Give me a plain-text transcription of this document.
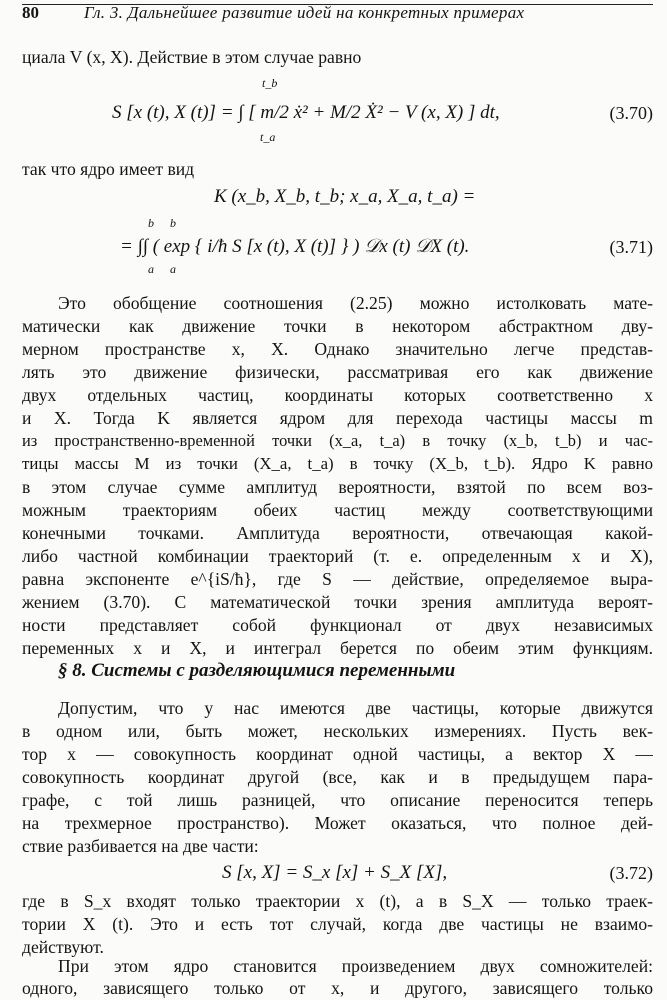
80	Гл. 3. Дальнейшее развитие идей на конкретных примерах
циала V (x, X). Действие в этом случае равно
t_b
t_a
S [x (t), X (t)] = ∫ [ m/2 ẋ² + M/2 Ẋ² − V (x, X) ] dt,	(3.70)
так что ядро имеет вид
K (x_b, X_b, t_b; x_a, X_a, t_a) =
b b
= ∫∫ ( exp { i/ħ S [x (t), X (t)] } ) 𝒟x (t) 𝒟X (t).
a a
(3.71)
Это обобщение соотношения (2.25) можно истолковать мате-
матически как движение точки в некотором абстрактном дву-
мерном пространстве x, X. Однако значительно легче представ-
лять это движение физически, рассматривая его как движение
двух отдельных частиц, координаты которых соответственно x
и X. Тогда K является ядром для перехода частицы массы m
из пространственно-временной точки (x_a, t_a) в точку (x_b, t_b) и час-
тицы массы M из точки (X_a, t_a) в точку (X_b, t_b). Ядро K равно
в этом случае сумме амплитуд вероятности, взятой по всем воз-
можным траекториям обеих частиц между соответствующими
конечными точками. Амплитуда вероятности, отвечающая какой-
либо частной комбинации траекторий (т. е. определенным x и X),
равна экспоненте e^{iS/ħ}, где S — действие, определяемое выра-
жением (3.70). С математической точки зрения амплитуда вероят-
ности представляет собой функционал от двух независимых
переменных x и X, и интеграл берется по обеим этим функциям.
§ 8. Системы с разделяющимися переменными
Допустим, что у нас имеются две частицы, которые движутся
в одном или, быть может, нескольких измерениях. Пусть век-
тор x — совокупность координат одной частицы, а вектор X —
совокупность координат другой (все, как и в предыдущем пара-
графе, с той лишь разницей, что описание переносится теперь
на трехмерное пространство). Может оказаться, что полное дей-
ствие разбивается на две части:
S [x, X] = S_x [x] + S_X [X],	(3.72)
где в S_x входят только траектории x (t), а в S_X — только траек-
тории X (t). Это и есть тот случай, когда две частицы не взаимо-
действуют.
При этом ядро становится произведением двух сомножителей:
одного, зависящего только от x, и другого, зависящего только
